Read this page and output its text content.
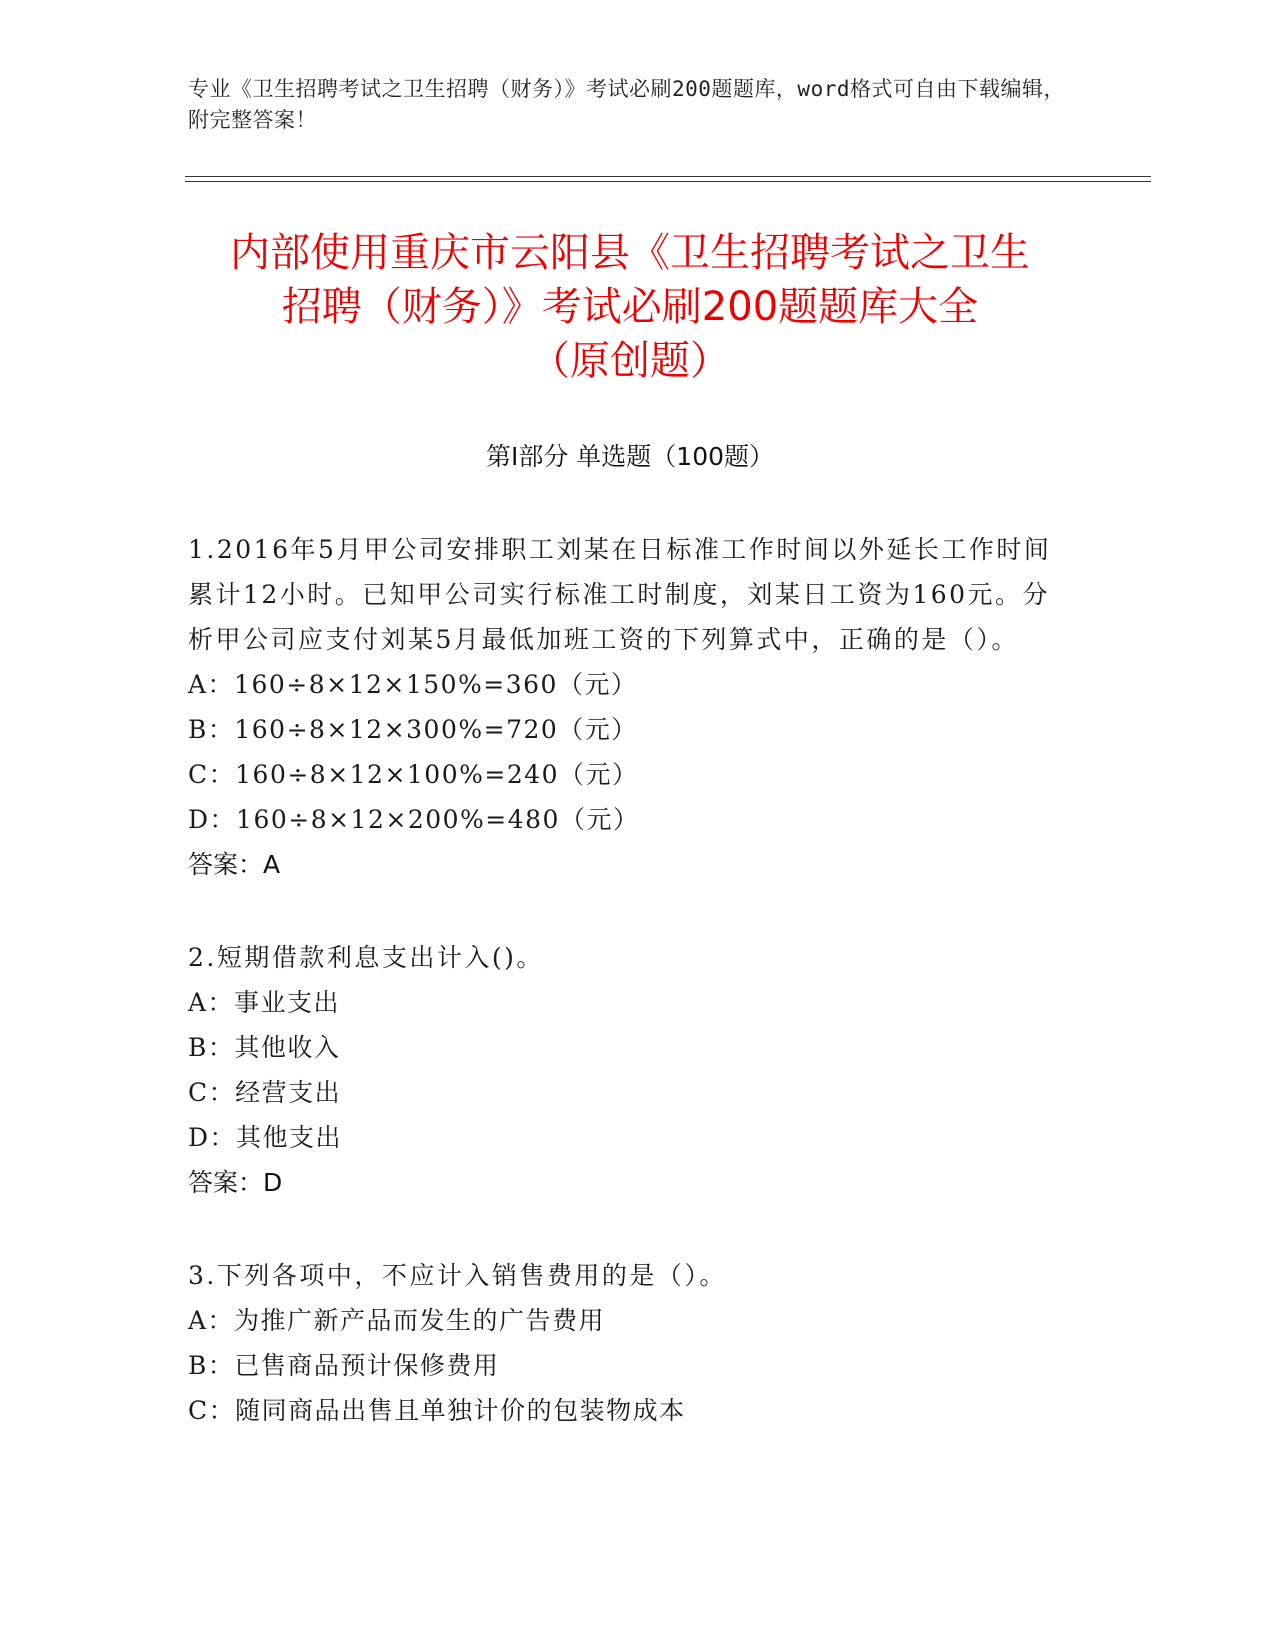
专业《卫生招聘考试之卫生招聘（财务）》考试必刷200题题库，word格式可自由下载编辑，附完整答案！
内部使用重庆市云阳县《卫生招聘考试之卫生
招聘（财务）》考试必刷200题题库大全
（原创题）
第I部分 单选题（100题）
1.2016年5月甲公司安排职工刘某在日标准工作时间以外延长工作时间累计12小时。已知甲公司实行标准工时制度，刘某日工资为160元。分析甲公司应支付刘某5月最低加班工资的下列算式中，正确的是（）。
A：160÷8×12×150%=360（元）
B：160÷8×12×300%=720（元）
C：160÷8×12×100%=240（元）
D：160÷8×12×200%=480（元）
答案：A
2.短期借款利息支出计入()。
A：事业支出
B：其他收入
C：经营支出
D：其他支出
答案：D
3.下列各项中，不应计入销售费用的是（）。
A：为推广新产品而发生的广告费用
B：已售商品预计保修费用
C：随同商品出售且单独计价的包装物成本
